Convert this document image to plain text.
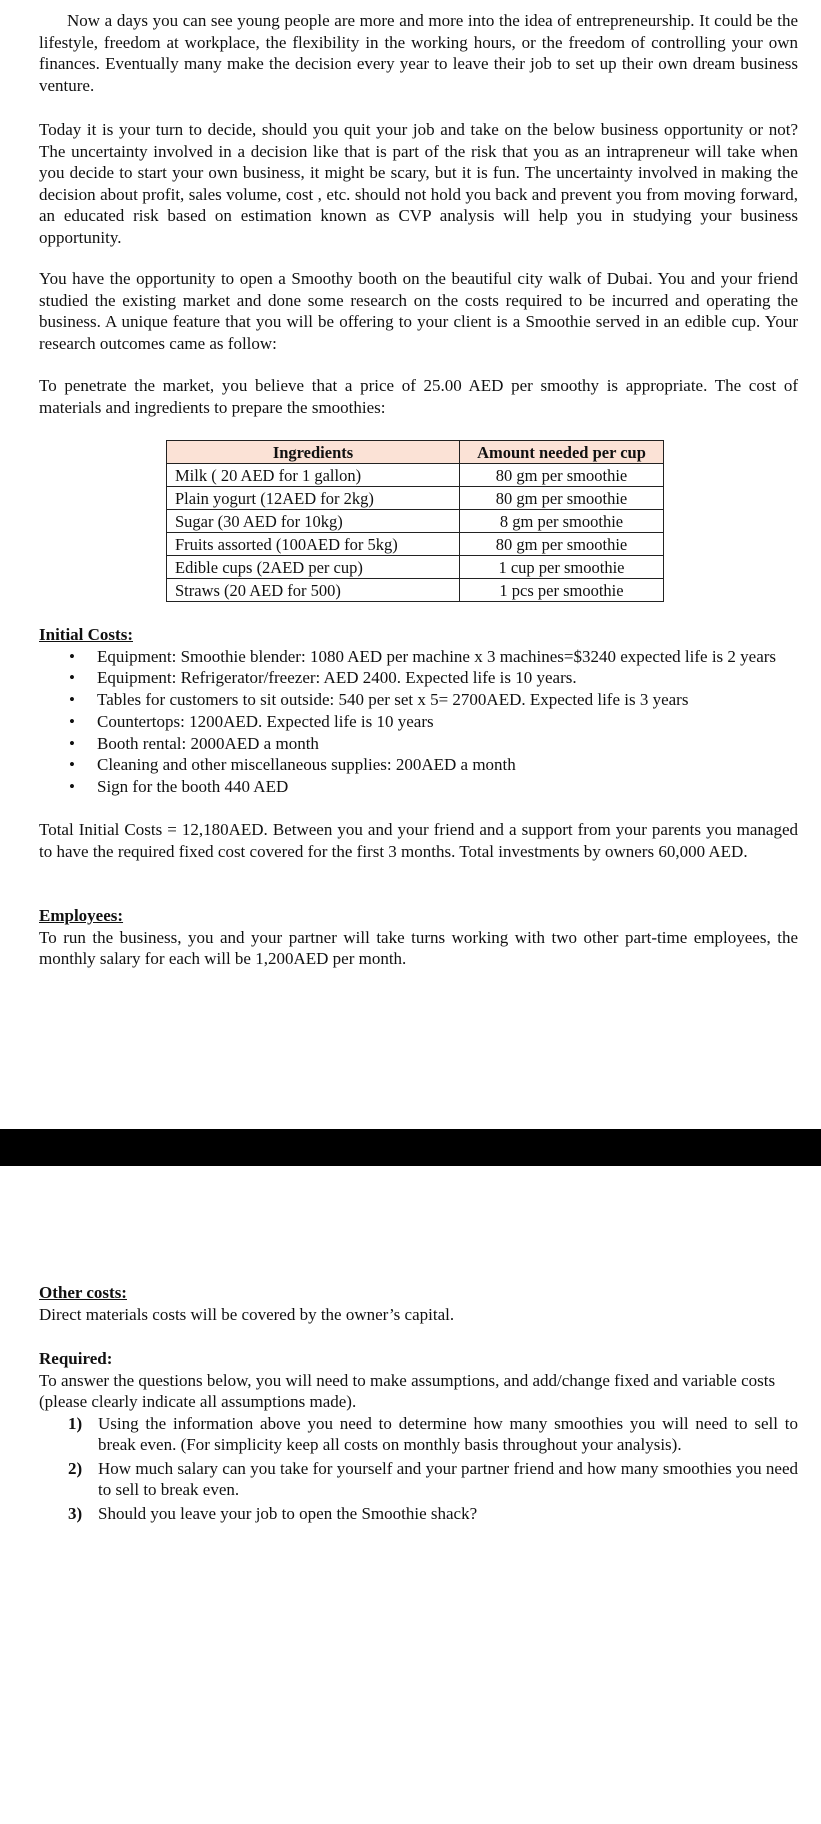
Now a days you can see young people are more and more into the idea of entrepreneurship. It could be the lifestyle, freedom at workplace, the flexibility in the working hours, or the freedom of controlling your own finances. Eventually many make the decision every year to leave their job to set up their own dream business venture.

Today it is your turn to decide, should you quit your job and take on the below business opportunity or not? The uncertainty involved in a decision like that is part of the risk that you as an intrapreneur will take when you decide to start your own business, it might be scary, but it is fun. The uncertainty involved in making the decision about profit, sales volume, cost , etc. should not hold you back and prevent you from moving forward, an educated risk based on estimation known as CVP analysis will help you in studying your business opportunity.

You have the opportunity to open a Smoothy booth on the beautiful city walk of Dubai. You and your friend studied the existing market and done some research on the costs required to be incurred and operating the business. A unique feature that you will be offering to your client is a Smoothie served in an edible cup. Your research outcomes came as follow:

To penetrate the market, you believe that a price of 25.00 AED per smoothy is appropriate. The cost of materials and ingredients to prepare the smoothies:

Ingredients	Amount needed per cup
Milk ( 20 AED for 1 gallon)	80 gm per smoothie
Plain yogurt (12AED for 2kg)	80 gm per smoothie
Sugar (30 AED for 10kg)	8 gm per smoothie
Fruits assorted (100AED for 5kg)	80 gm per smoothie
Edible cups (2AED per cup)	1 cup per smoothie
Straws (20 AED for 500)	1 pcs per smoothie
Initial Costs:
• Equipment: Smoothie blender: 1080 AED per machine x 3 machines=$3240 expected life is 2 years
• Equipment: Refrigerator/freezer: AED 2400. Expected life is 10 years.
• Tables for customers to sit outside: 540 per set x 5= 2700AED. Expected life is 3 years
• Countertops: 1200AED. Expected life is 10 years
• Booth rental: 2000AED a month
• Cleaning and other miscellaneous supplies: 200AED a month
• Sign for the booth 440 AED

Total Initial Costs = 12,180AED. Between you and your friend and a support from your parents you managed to have the required fixed cost covered for the first 3 months. Total investments by owners 60,000 AED.

Employees:

To run the business, you and your partner will take turns working with two other part-time employees, the monthly salary for each will be 1,200AED per month.

Other costs:

Direct materials costs will be covered by the owner’s capital.

Required:

To answer the questions below, you will need to make assumptions, and add/change fixed and variable costs (please clearly indicate all assumptions made).

1) Using the information above you need to determine how many smoothies you will need to sell to break even. (For simplicity keep all costs on monthly basis throughout your analysis).

2) How much salary can you take for yourself and your partner friend and how many smoothies you need to sell to break even.

3) Should you leave your job to open the Smoothie shack?
